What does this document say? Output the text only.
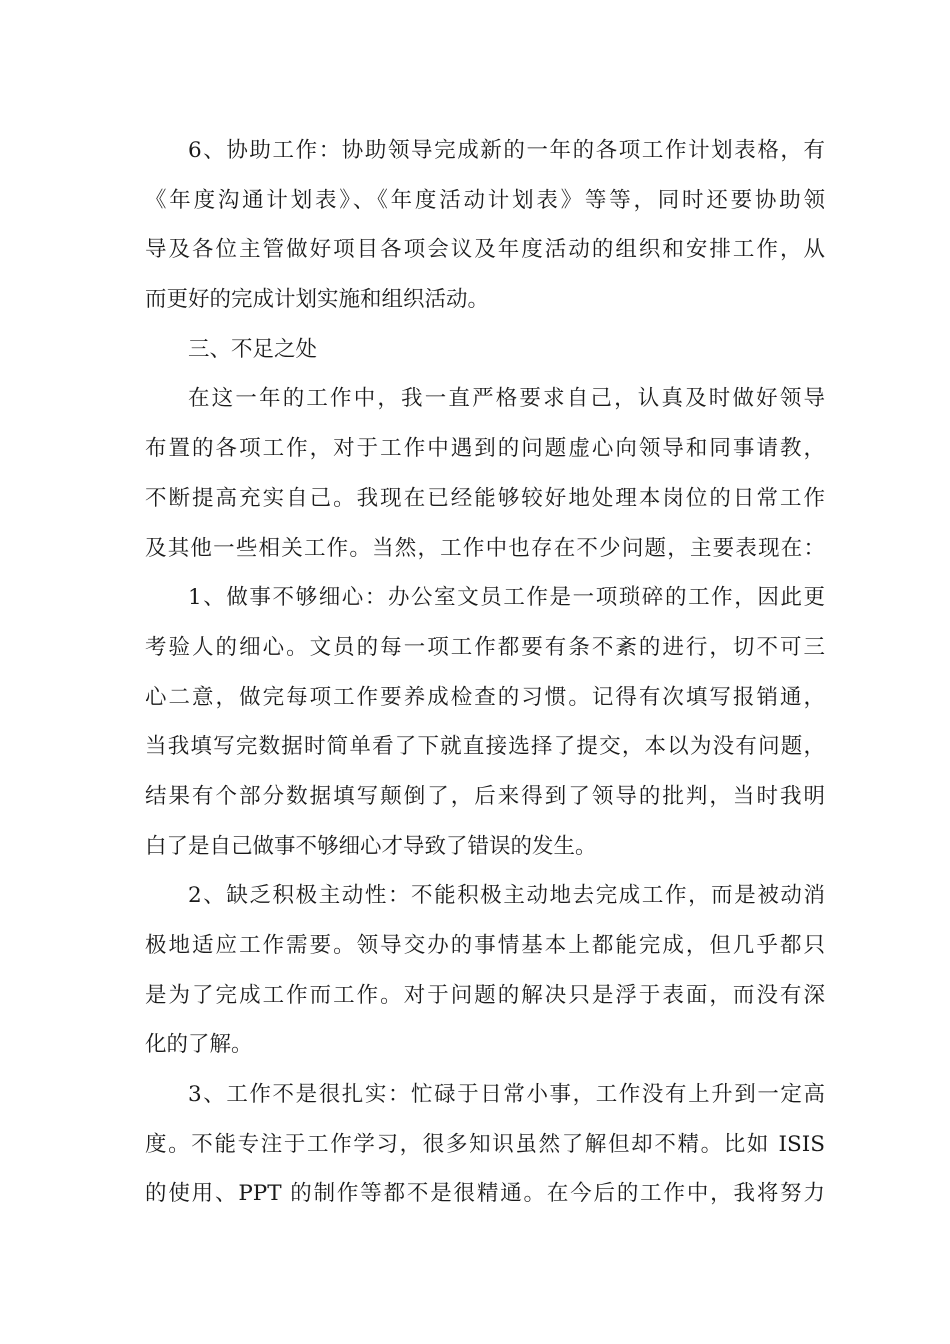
6、协助工作：协助领导完成新的一年的各项工作计划表格，有
《年度沟通计划表》、《年度活动计划表》等等，同时还要协助领
导及各位主管做好项目各项会议及年度活动的组织和安排工作，从
而更好的完成计划实施和组织活动。
三、不足之处
在这一年的工作中，我一直严格要求自己，认真及时做好领导
布置的各项工作，对于工作中遇到的问题虚心向领导和同事请教，
不断提高充实自己。我现在已经能够较好地处理本岗位的日常工作
及其他一些相关工作。当然，工作中也存在不少问题，主要表现在：
1、做事不够细心：办公室文员工作是一项琐碎的工作，因此更
考验人的细心。文员的每一项工作都要有条不紊的进行，切不可三
心二意，做完每项工作要养成检查的习惯。记得有次填写报销通，
当我填写完数据时简单看了下就直接选择了提交，本以为没有问题，
结果有个部分数据填写颠倒了，后来得到了领导的批判，当时我明
白了是自己做事不够细心才导致了错误的发生。
2、缺乏积极主动性：不能积极主动地去完成工作，而是被动消
极地适应工作需要。领导交办的事情基本上都能完成，但几乎都只
是为了完成工作而工作。对于问题的解决只是浮于表面，而没有深
化的了解。
3、工作不是很扎实：忙碌于日常小事，工作没有上升到一定高
度。不能专注于工作学习，很多知识虽然了解但却不精。比如 ISIS
的使用、PPT 的制作等都不是很精通。在今后的工作中，我将努力
